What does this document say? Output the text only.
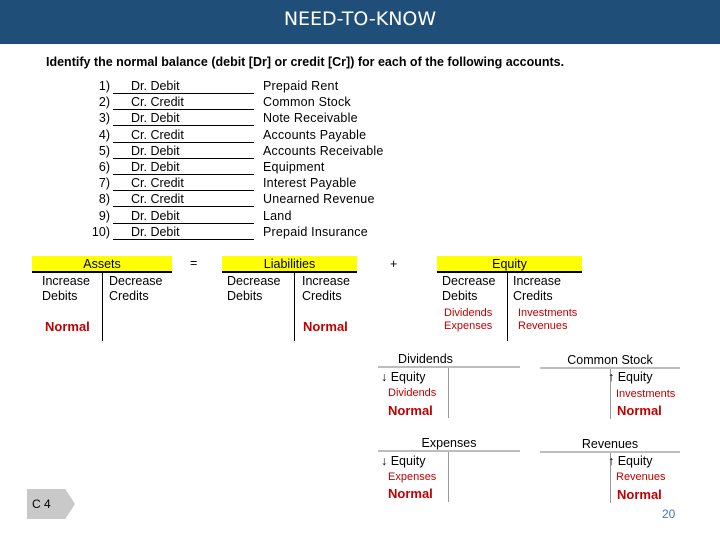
NEED-TO-KNOW
Identify the normal balance (debit [Dr] or credit [Cr]) for each of the following accounts.
1)	Dr. Debit	Prepaid Rent
2)	Cr. Credit	Common Stock
3)	Dr. Debit	Note Receivable
4)	Cr. Credit	Accounts Payable
5)	Dr. Debit	Accounts Receivable
6)	Dr. Debit	Equipment
7)	Cr. Credit	Interest Payable
8)	Cr. Credit	Unearned Revenue
9)	Dr. Debit	Land
10)	Dr. Debit	Prepaid Insurance
Assets
Increase
Debits
Decrease
Credits
Normal
=	Liabilities
Decrease
Debits
Increase
Credits
Normal
+	Equity
Decrease
Debits
Increase
Credits
Dividends
Expenses
Investments
Revenues
Dividends
↓ Equity
Dividends
Normal
Common Stock
↑ Equity
Investments
Normal
Expenses
↓ Equity
Expenses
Normal
Revenues
↑ Equity
Revenues
Normal
C 4
20
